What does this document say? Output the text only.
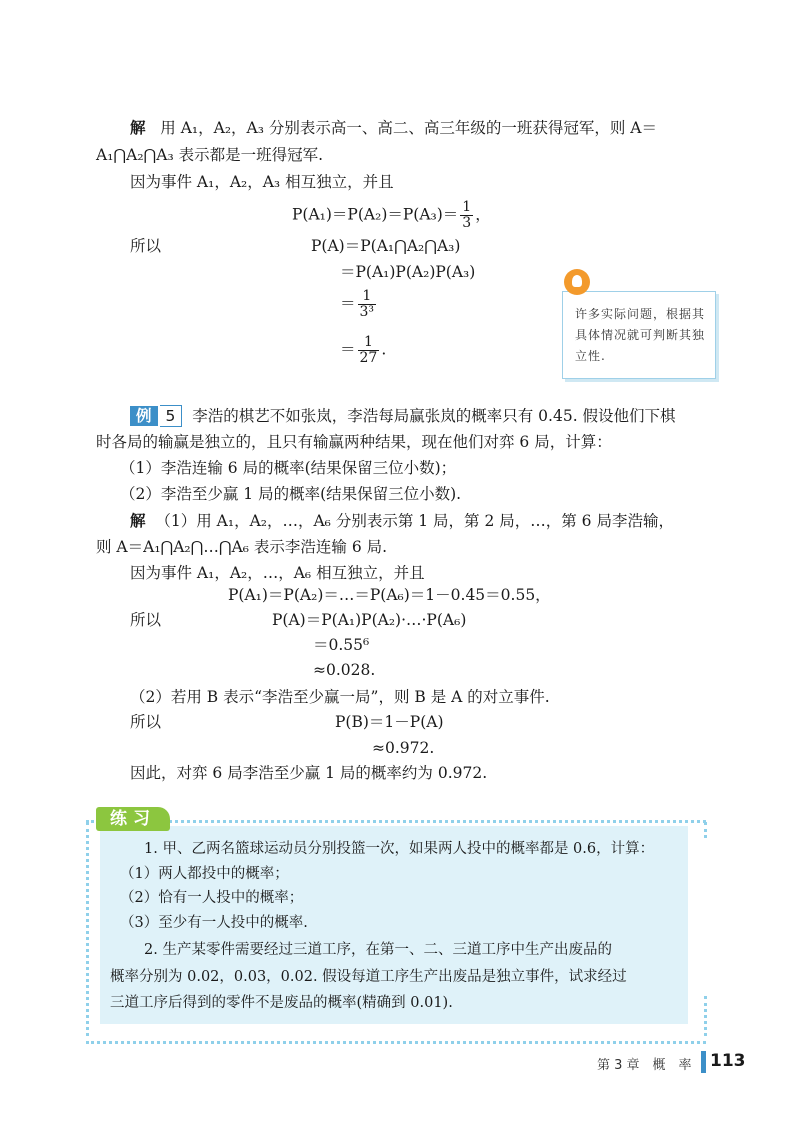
解 用 A₁，A₂，A₃ 分别表示高一、高二、高三年级的一班获得冠军，则 A＝
A₁⋂A₂⋂A₃ 表示都是一班得冠军.
因为事件 A₁，A₂，A₃ 相互独立，并且
$P(A_1)=P(A_2)=P(A_3)= \frac{1}{3}$ ，
所以	P(A)＝P(A₁⋂A₂⋂A₃)
＝P(A₁)P(A₂)P(A₃)
＝ $\frac{1}{\text{3³}}$
＝ $\frac{1}{27}$ .
许多实际问题，根据其具体情况就可判断其独立性.
例 5 李浩的棋艺不如张岚，李浩每局赢张岚的概率只有 0.45. 假设他们下棋
时各局的输赢是独立的，且只有输赢两种结果，现在他们对弈 6 局，计算：
（1）李浩连输 6 局的概率(结果保留三位小数)；
（2）李浩至少赢 1 局的概率(结果保留三位小数).
解 （1）用 A₁，A₂，…，A₆ 分别表示第 1 局，第 2 局，…，第 6 局李浩输，
则 A＝A₁⋂A₂⋂…⋂A₆ 表示李浩连输 6 局.
因为事件 A₁，A₂，…，A₆ 相互独立，并且
P(A₁)＝P(A₂)＝…＝P(A₆)＝1－0.45＝0.55，
所以	P(A)＝P(A₁)P(A₂)·…·P(A₆)
＝0.55⁶
≈0.028.
（2）若用 B 表示“李浩至少赢一局”，则 B 是 A 的对立事件.
所以	P(B)＝1－P(A)
≈0.972.
因此，对弈 6 局李浩至少赢 1 局的概率约为 0.972.
练习
1. 甲、乙两名篮球运动员分别投篮一次，如果两人投中的概率都是 0.6，计算：
（1）两人都投中的概率；
（2）恰有一人投中的概率；
（3）至少有一人投中的概率.
2. 生产某零件需要经过三道工序，在第一、二、三道工序中生产出废品的
概率分别为 0.02，0.03，0.02. 假设每道工序生产出废品是独立事件，试求经过
三道工序后得到的零件不是废品的概率(精确到 0.01).
第 3 章　概　率 113
